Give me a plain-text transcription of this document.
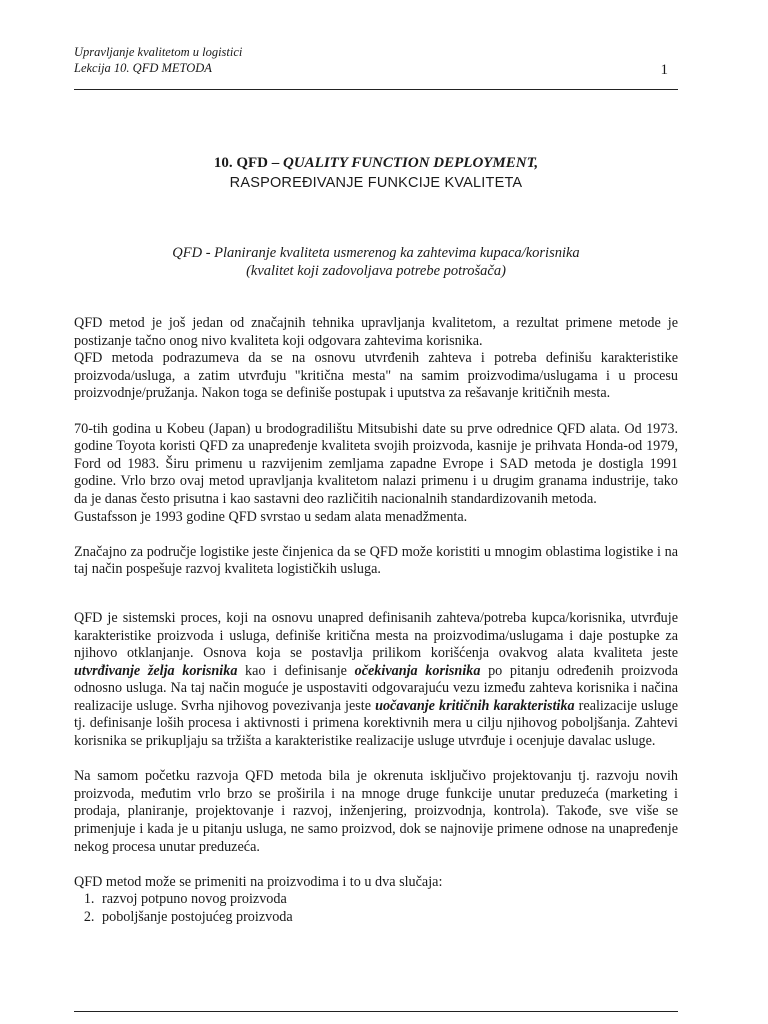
Upravljanje kvalitetom u logistici
Lekcija 10. QFD METODA	1
10. QFD – QUALITY FUNCTION DEPLOYMENT,
RASPOREĐIVANJE FUNKCIJE KVALITETA
QFD - Planiranje kvaliteta usmerenog ka zahtevima kupaca/korisnika
(kvalitet koji zadovoljava potrebe potrošača)

QFD metod je još jedan od značajnih tehnika upravljanja kvalitetom, a rezultat primene metode je postizanje tačno onog nivo kvaliteta koji odgovara zahtevima korisnika.

QFD metoda podrazumeva da se na osnovu utvrđenih zahteva i potreba definišu karakteristike proizvoda/usluga, a zatim utvrđuju "kritična mesta" na samim proizvodima/uslugama i u procesu proizvodnje/pružanja. Nakon toga se definiše postupak i uputstva za rešavanje kritičnih mesta.

70-tih godina u Kobeu (Japan) u brodogradilištu Mitsubishi date su prve odrednice QFD alata. Od 1973. godine Toyota koristi QFD za unapređenje kvaliteta svojih proizvoda, kasnije je prihvata Honda-od 1979, Ford od 1983. Širu primenu u razvijenim zemljama zapadne Evrope i SAD metoda je dostigla 1991 godine. Vrlo brzo ovaj metod upravljanja kvalitetom nalazi primenu i u drugim granama industrije, tako da je danas često prisutna i kao sastavni deo različitih nacionalnih standardizovanih metoda.

Gustafsson je 1993 godine QFD svrstao u sedam alata menadžmenta.

Značajno za područje logistike jeste činjenica da se QFD može koristiti u mnogim oblastima logistike i na taj način pospešuje razvoj kvaliteta logističkih usluga.

QFD je sistemski proces, koji na osnovu unapred definisanih zahteva/potreba kupca/korisnika, utvrđuje karakteristike proizvoda i usluga, definiše kritična mesta na proizvodima/uslugama i daje postupke za njihovo otklanjanje. Osnova koja se postavlja prilikom korišćenja ovakvog alata kvaliteta jeste utvrđivanje želja korisnika kao i definisanje očekivanja korisnika po pitanju određenih proizvoda odnosno usluga. Na taj način moguće je uspostaviti odgovarajuću vezu između zahteva korisnika i načina realizacije usluge. Svrha njihovog povezivanja jeste uočavanje kritičnih karakteristika realizacije usluge tj. definisanje loših procesa i aktivnosti i primena korektivnih mera u cilju njihovog poboljšanja. Zahtevi korisnika se prikupljaju sa tržišta a karakteristike realizacije usluge utvrđuje i ocenjuje davalac usluge.

Na samom početku razvoja QFD metoda bila je okrenuta isključivo projektovanju tj. razvoju novih proizvoda, međutim vrlo brzo se proširila i na mnoge druge funkcije unutar preduzeća (marketing i prodaja, planiranje, projektovanje i razvoj, inženjering, proizvodnja, kontrola). Takođe, sve više se primenjuje i kada je u pitanju usluga, ne samo proizvod, dok se najnovije primene odnose na unapređenje nekog procesa unutar preduzeća.

QFD metod može se primeniti na proizvodima i to u dva slučaja:

1. razvoj potpuno novog proizvoda
2. poboljšanje postojućeg proizvoda
